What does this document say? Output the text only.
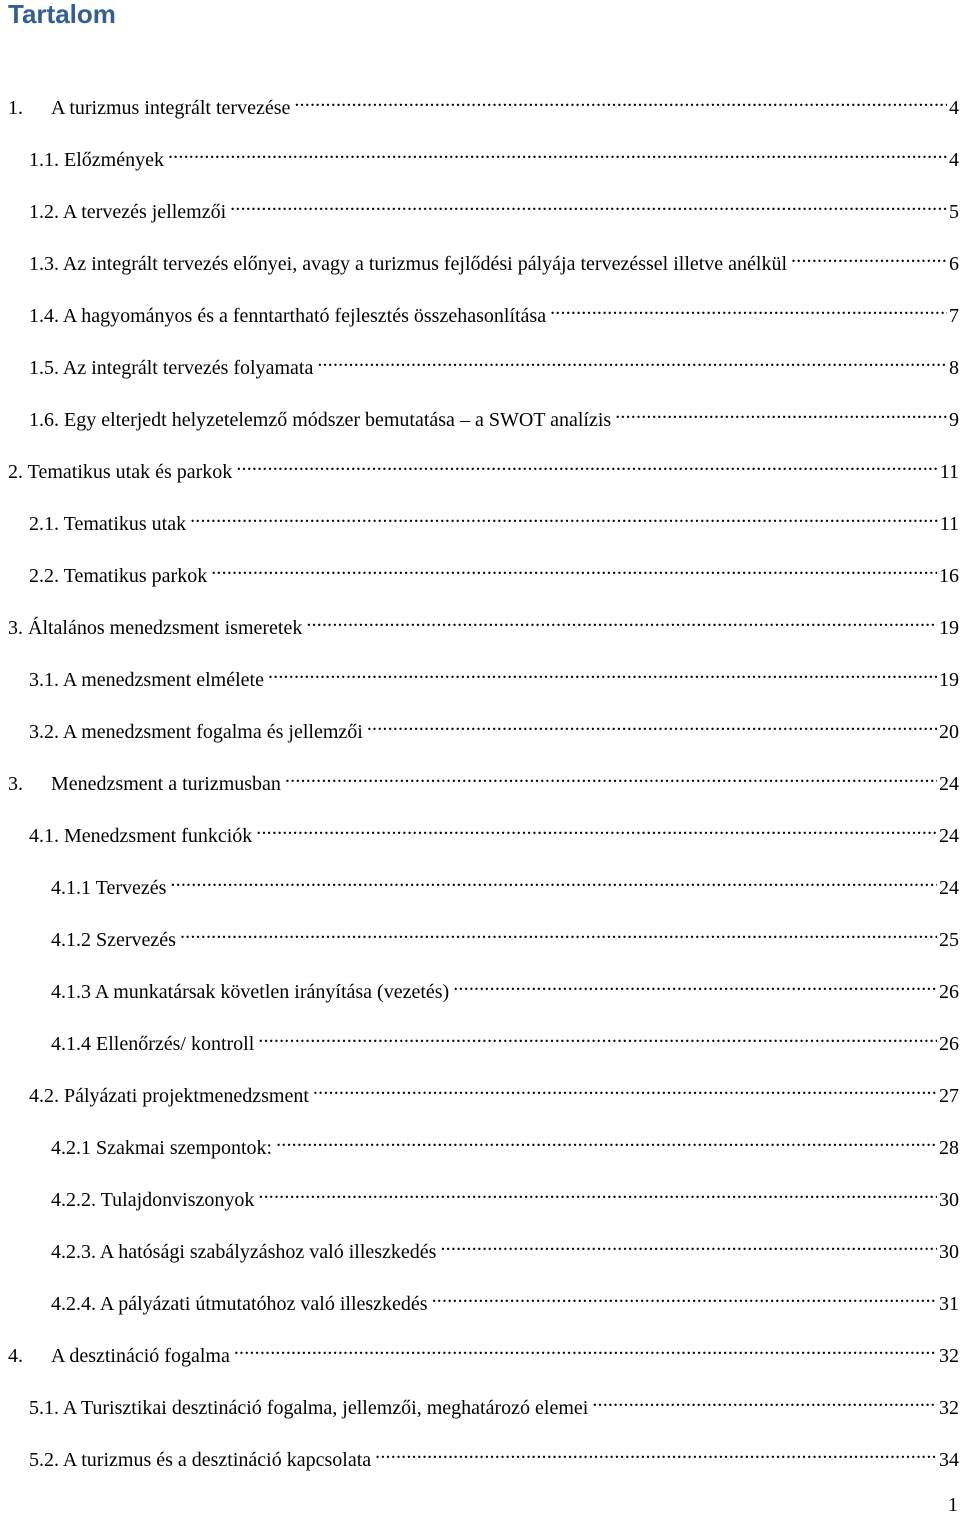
Tartalom
1. A turizmus integrált tervezése .....	4
1.1. Előzmények .....	4
1.2. A tervezés jellemzői .....	5
1.3. Az integrált tervezés előnyei, avagy a turizmus fejlődési pályája tervezéssel illetve anélkül .....	6
1.4. A hagyományos és a fenntartható fejlesztés összehasonlítása .....	7
1.5. Az integrált tervezés folyamata .....	8
1.6. Egy elterjedt helyzetelemző módszer bemutatása – a SWOT analízis .....	9
2. Tematikus utak és parkok .....	11
2.1. Tematikus utak .....	11
2.2. Tematikus parkok .....	16
3. Általános menedzsment ismeretek .....	19
3.1. A menedzsment elmélete .....	19
3.2. A menedzsment fogalma és jellemzői .....	20
3. Menedzsment a turizmusban .....	24
4.1. Menedzsment funkciók .....	24
4.1.1 Tervezés .....	24
4.1.2 Szervezés .....	25
4.1.3 A munkatársak követlen irányítása (vezetés) .....	26
4.1.4 Ellenőrzés/ kontroll .....	26
4.2. Pályázati projektmenedzsment .....	27
4.2.1 Szakmai szempontok: .....	28
4.2.2. Tulajdonviszonyok .....	30
4.2.3. A hatósági szabályzáshoz való illeszkedés .....	30
4.2.4. A pályázati útmutatóhoz való illeszkedés .....	31
4. A desztináció fogalma .....	32
5.1. A Turisztikai desztináció fogalma, jellemzői, meghatározó elemei .....	32
5.2. A turizmus és a desztináció kapcsolata .....	34
1
